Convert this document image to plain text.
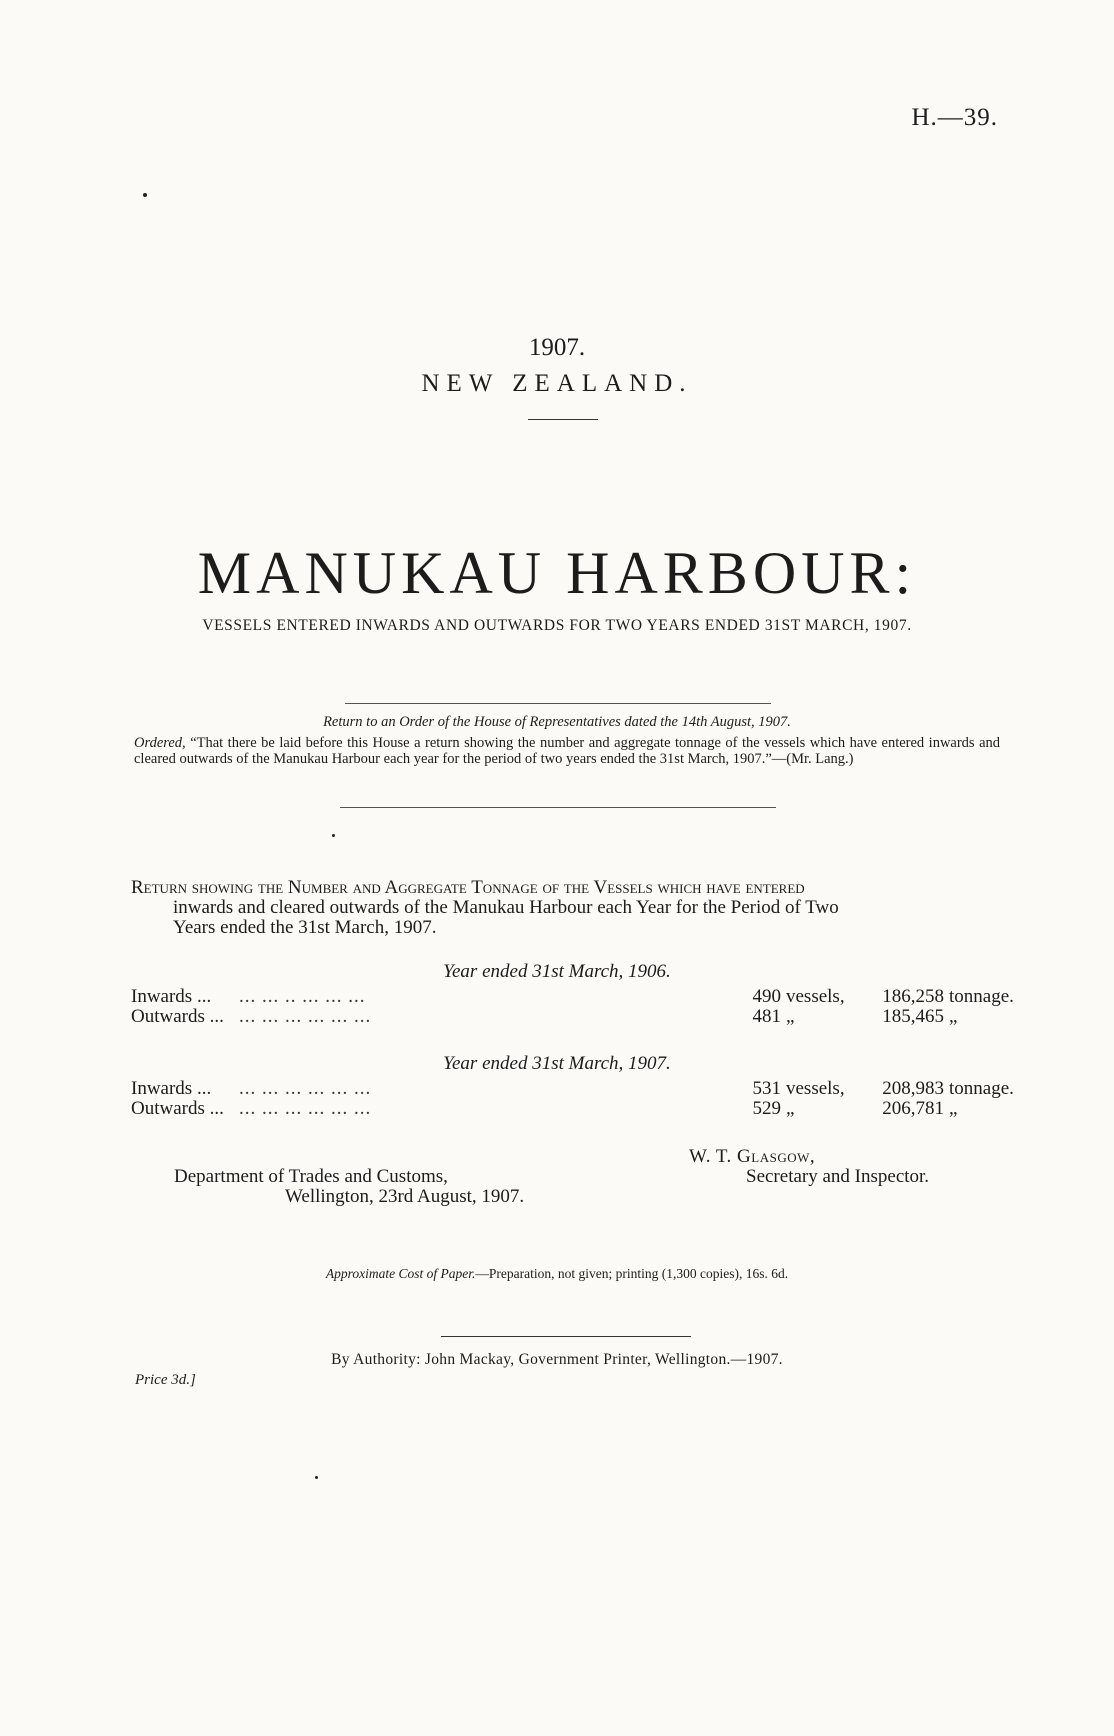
H.—39.
1907.
NEW ZEALAND.
MANUKAU HARBOUR:
VESSELS ENTERED INWARDS AND OUTWARDS FOR TWO YEARS ENDED 31ST MARCH, 1907.
Return to an Order of the House of Representatives dated the 14th August, 1907.
Ordered, “That there be laid before this House a return showing the number and aggregate tonnage of the vessels which have entered inwards and cleared outwards of the Manukau Harbour each year for the period of two years ended the 31st March, 1907.”—(Mr. Lang.)
Return showing the Number and Aggregate Tonnage of the Vessels which have entered
inwards and cleared outwards of the Manukau Harbour each Year for the Period of Two
Years ended the 31st March, 1907.
Year ended 31st March, 1906.
Inwards ... ... ... .. ... ... ...	490 vessels,	186,258 tonnage.
Outwards ... ... ... ... ... ... ...	481 „	185,465 „
Year ended 31st March, 1907.
Inwards ... ... ... ... ... ... ...	531 vessels,	208,983 tonnage.
Outwards ... ... ... ... ... ... ...	529 „	206,781 „
W. T. Glasgow,
Secretary and Inspector.
Department of Trades and Customs,
Wellington, 23rd August, 1907.
Approximate Cost of Paper.—Preparation, not given; printing (1,300 copies), 16s. 6d.
By Authority: John Mackay, Government Printer, Wellington.—1907.
Price 3d.]
